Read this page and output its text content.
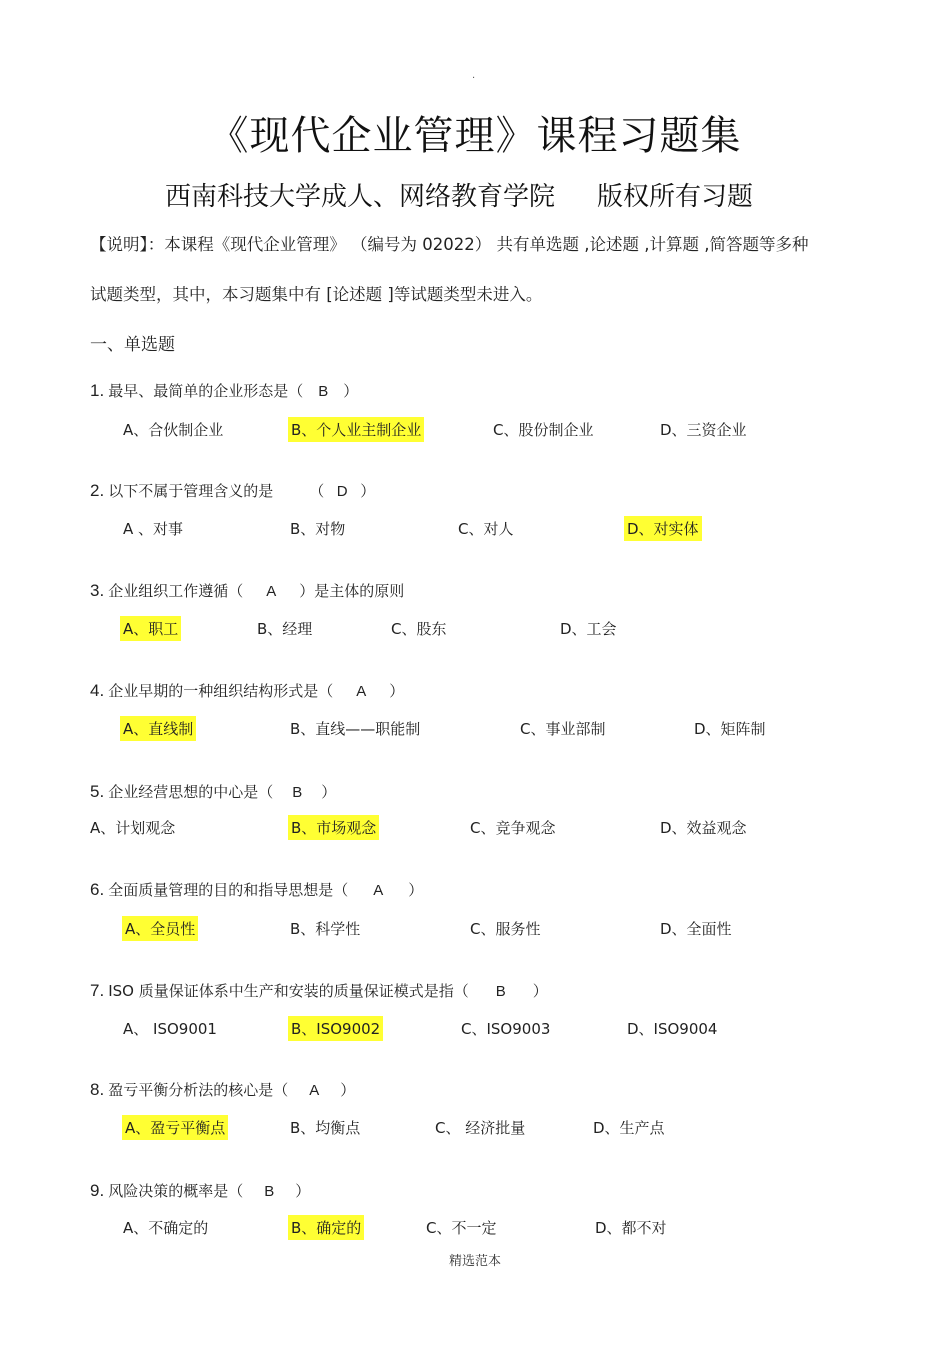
.
《现代企业管理》课程习题集
西南科技大学成人、网络教育学院 版权所有习题
【说明】：本课程《现代企业管理》 （编号为 02022） 共有单选题 ,论述题 ,计算题 ,简答题等多种
试题类型，其中，本习题集中有 [论述题 ]等试题类型未进入。
一、单选题
1. 最早、最简单的企业形态是（ B ）
A、合伙制企业	B、个人业主制企业	C、股份制企业	D、三资企业
2. 以下不属于管理含义的是 （ D ）
A 、对事	B、对物	C、对人	D、对实体
3. 企业组织工作遵循（ A ）是主体的原则
A、职工	B、经理	C、股东	D、工会
4. 企业早期的一种组织结构形式是（ A ）
A、直线制	B、直线——职能制	C、事业部制	D、矩阵制
5. 企业经营思想的中心是（ B ）
A、计划观念	B、市场观念	C、竞争观念	D、效益观念
6. 全面质量管理的目的和指导思想是（ A ）
A、全员性	B、科学性	C、服务性	D、全面性
7. ISO 质量保证体系中生产和安装的质量保证模式是指（ B ）
A、 ISO9001	B、ISO9002	C、ISO9003	D、ISO9004
8. 盈亏平衡分析法的核心是（ A ）
A、盈亏平衡点	B、均衡点	C、 经济批量	D、生产点
9. 风险决策的概率是（ B ）
A、不确定的	B、确定的	C、不一定	D、都不对
精选范本
